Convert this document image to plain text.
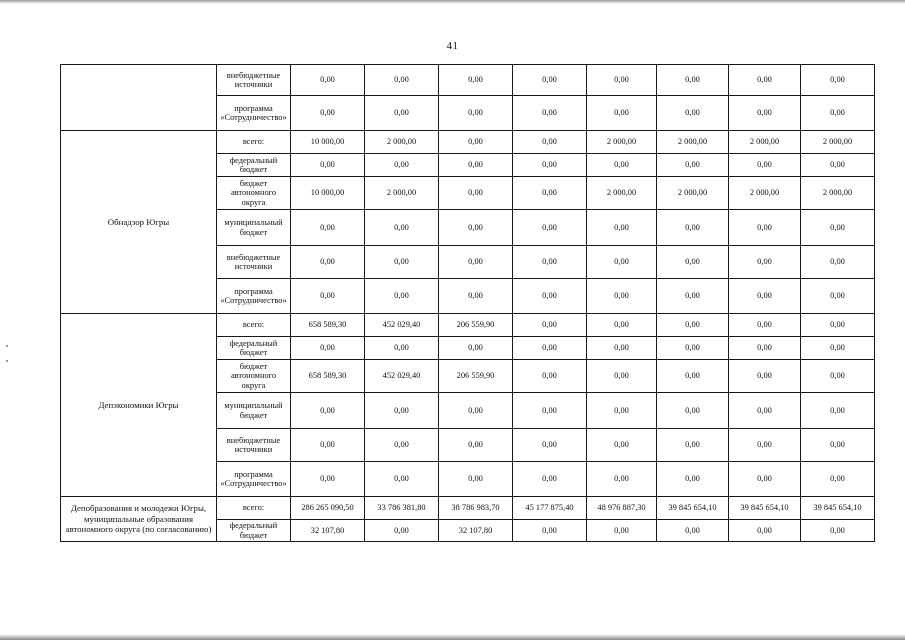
41
	внебюджетные источники	0,00	0,00	0,00	0,00	0,00	0,00	0,00	0,00
	программа «Сотрудничество»	0,00	0,00	0,00	0,00	0,00	0,00	0,00	0,00
Обнадзор Югры	всего:	10 000,00	2 000,00	0,00	0,00	2 000,00	2 000,00	2 000,00	2 000,00
	федеральный бюджет	0,00	0,00	0,00	0,00	0,00	0,00	0,00	0,00
	бюджет автономного округа	10 000,00	2 000,00	0,00	0,00	2 000,00	2 000,00	2 000,00	2 000,00
	муниципальный бюджет	0,00	0,00	0,00	0,00	0,00	0,00	0,00	0,00
	внебюджетные источники	0,00	0,00	0,00	0,00	0,00	0,00	0,00	0,00
	программа «Сотрудничество»	0,00	0,00	0,00	0,00	0,00	0,00	0,00	0,00
Депэкономики Югры	всего:	658 589,30	452 029,40	206 559,90	0,00	0,00	0,00	0,00	0,00
	федеральный бюджет	0,00	0,00	0,00	0,00	0,00	0,00	0,00	0,00
	бюджет автономного округа	658 589,30	452 029,40	206 559,90	0,00	0,00	0,00	0,00	0,00
	муниципальный бюджет	0,00	0,00	0,00	0,00	0,00	0,00	0,00	0,00
	внебюджетные источники	0,00	0,00	0,00	0,00	0,00	0,00	0,00	0,00
	программа «Сотрудничество»	0,00	0,00	0,00	0,00	0,00	0,00	0,00	0,00
Депобразования и молодежи Югры, муниципальные образования автономного округа (по согласованию)	всего:	286 265 090,50	33 786 381,80	38 786 983,70	45 177 875,40	48 976 887,30	39 845 654,10	39 845 654,10	39 845 654,10
	федеральный бюджет	32 107,80	0,00	32 107,80	0,00	0,00	0,00	0,00	0,00
